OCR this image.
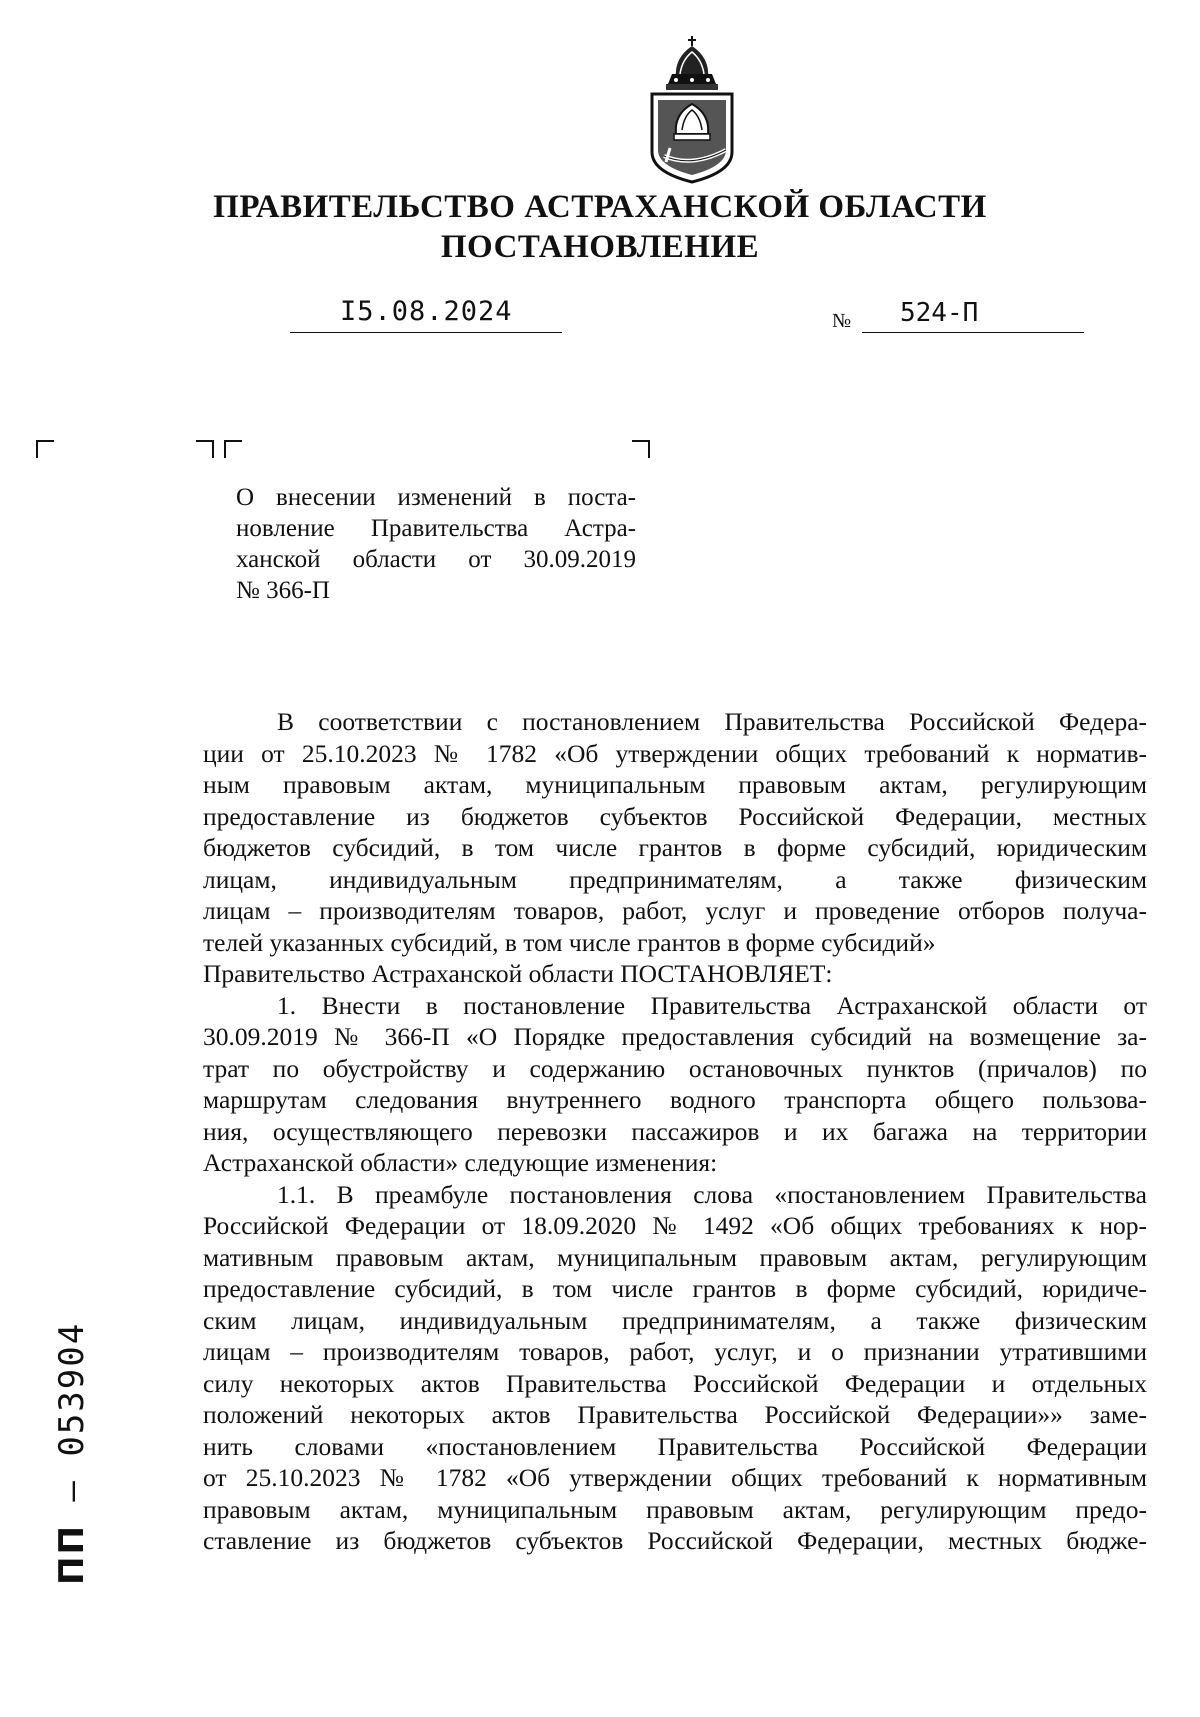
ПРАВИТЕЛЬСТВО АСТРАХАНСКОЙ ОБЛАСТИ
ПОСТАНОВЛЕНИЕ
I5.08.2024	№ 524-П
О внесении изменений в поста-
новление Правительства Астра-
ханской области от 30.09.2019
№ 366-П
В соответствии с постановлением Правительства Российской Федера-
ции от 25.10.2023 № 1782 «Об утверждении общих требований к норматив-
ным правовым актам, муниципальным правовым актам, регулирующим
предоставление из бюджетов субъектов Российской Федерации, местных
бюджетов субсидий, в том числе грантов в форме субсидий, юридическим
лицам, индивидуальным предпринимателям, а также физическим
лицам – производителям товаров, работ, услуг и проведение отборов получа-
телей указанных субсидий, в том числе грантов в форме субсидий»
Правительство Астраханской области ПОСТАНОВЛЯЕТ:
1. Внести в постановление Правительства Астраханской области от
30.09.2019 № 366-П «О Порядке предоставления субсидий на возмещение за-
трат по обустройству и содержанию остановочных пунктов (причалов) по
маршрутам следования внутреннего водного транспорта общего пользова-
ния, осуществляющего перевозки пассажиров и их багажа на территории
Астраханской области» следующие изменения:
1.1. В преамбуле постановления слова «постановлением Правительства
Российской Федерации от 18.09.2020 № 1492 «Об общих требованиях к нор-
мативным правовым актам, муниципальным правовым актам, регулирующим
предоставление субсидий, в том числе грантов в форме субсидий, юридиче-
ским лицам, индивидуальным предпринимателям, а также физическим
лицам – производителям товаров, работ, услуг, и о признании утратившими
силу некоторых актов Правительства Российской Федерации и отдельных
положений некоторых актов Правительства Российской Федерации»» заме-
нить словами «постановлением Правительства Российской Федерации
от 25.10.2023 № 1782 «Об утверждении общих требований к нормативным
правовым актам, муниципальным правовым актам, регулирующим предо-
ставление из бюджетов субъектов Российской Федерации, местных бюдже-
ПП – 053904
